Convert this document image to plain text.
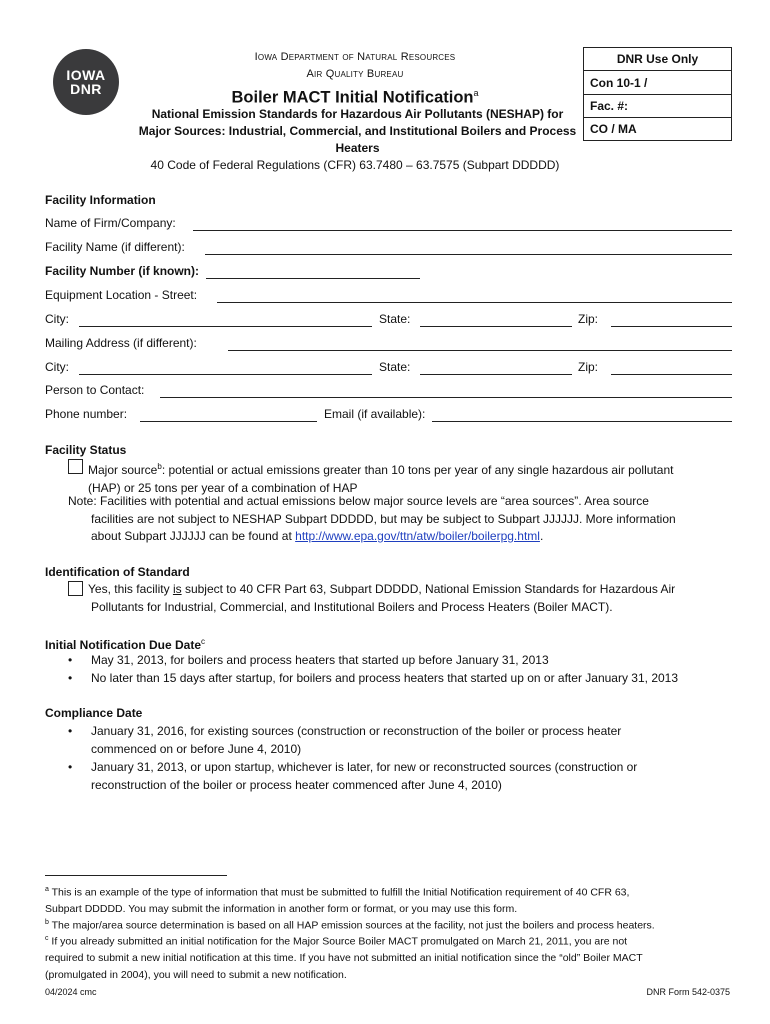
IOWA
DNR
Iowa Department of Natural Resources
Air Quality Bureau
Boiler MACT Initial Notification$^a$
National Emission Standards for Hazardous Air Pollutants (NESHAP) for
Major Sources: Industrial, Commercial, and Institutional Boilers and Process
Heaters
40 Code of Federal Regulations (CFR) 63.7480 – 63.7575 (Subpart DDDDD)
DNR Use Only
Con 10-1 /
Fac. #:
CO / MA
Facility Information
Name of Firm/Company:
Facility Name (if different):
Facility Number (if known):
Equipment Location - Street:
City:	State:	Zip:
Mailing Address (if different):
City:	State:	Zip:
Person to Contact:
Phone number:	Email (if available):
Facility Status
Major source$^b$: potential or actual emissions greater than 10 tons per year of any single hazardous air pollutant
(HAP) or 25 tons per year of a combination of HAP
Note: Facilities with potential and actual emissions below major source levels are “area sources”. Area source
facilities are not subject to NESHAP Subpart DDDDD, but may be subject to Subpart JJJJJJ. More information
about Subpart JJJJJJ can be found at http://www.epa.gov/ttn/atw/boiler/boilerpg.html.
Identification of Standard
Yes, this facility is subject to 40 CFR Part 63, Subpart DDDDD, National Emission Standards for Hazardous Air
Pollutants for Industrial, Commercial, and Institutional Boilers and Process Heaters (Boiler MACT).
Initial Notification Due Date$^c$
•	May 31, 2013, for boilers and process heaters that started up before January 31, 2013
•	No later than 15 days after startup, for boilers and process heaters that started up on or after January 31, 2013
Compliance Date
•	January 31, 2016, for existing sources (construction or reconstruction of the boiler or process heater
commenced on or before June 4, 2010)
•	January 31, 2013, or upon startup, whichever is later, for new or reconstructed sources (construction or
reconstruction of the boiler or process heater commenced after June 4, 2010)
$^a$ This is an example of the type of information that must be submitted to fulfill the Initial Notification requirement of 40 CFR 63,
Subpart DDDDD. You may submit the information in another form or format, or you may use this form.
$^b$ The major/area source determination is based on all HAP emission sources at the facility, not just the boilers and process heaters.
$^c$ If you already submitted an initial notification for the Major Source Boiler MACT promulgated on March 21, 2011, you are not
required to submit a new initial notification at this time. If you have not submitted an initial notification since the “old” Boiler MACT
(promulgated in 2004), you will need to submit a new notification.
04/2024 cmc	DNR Form 542-0375
